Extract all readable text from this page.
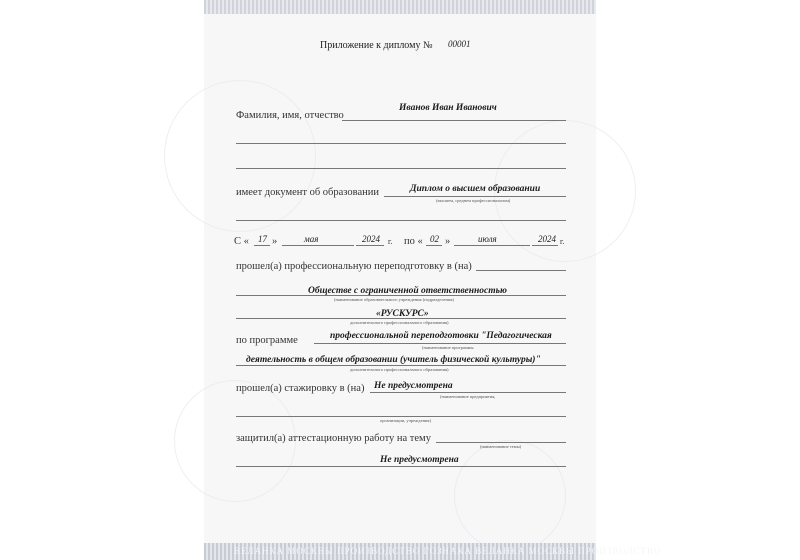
Приложение к диплому № 00001
Иванов Иван Иванович
Фамилия, имя, отчество
Диплом о высшем образовании
имеет документ об образовании
(высшем, среднем профессиональном)
С « 17 »	мая	2024 г. по « 02 »	июля	2024 г.
прошел(а) профессиональную переподготовку в (на)
Обществе с ограниченной ответственностью
(наименование образовательного учреждения (подразделения)
«РУСКУРС»
дополнительного профессионального образования)
по программе	профессиональной переподготовки "Педагогическая
(наименование программы
деятельность в общем образовании (учитель физической культуры)"
дополнительного профессионального образования)
прошел(а) стажировку в (на) Не предусмотрена
(наименование предприятия,
организации, учреждения)
защитил(а) аттестационную работу на тему
(наименование темы)
Не предусмотрена
ВЕЛАНКА МОСКВЫ ПРОИЗВОДСТВО ГОЗНАКА ВЕЛАНКА МОСКВЫ ПРОИЗВОДСТВО
